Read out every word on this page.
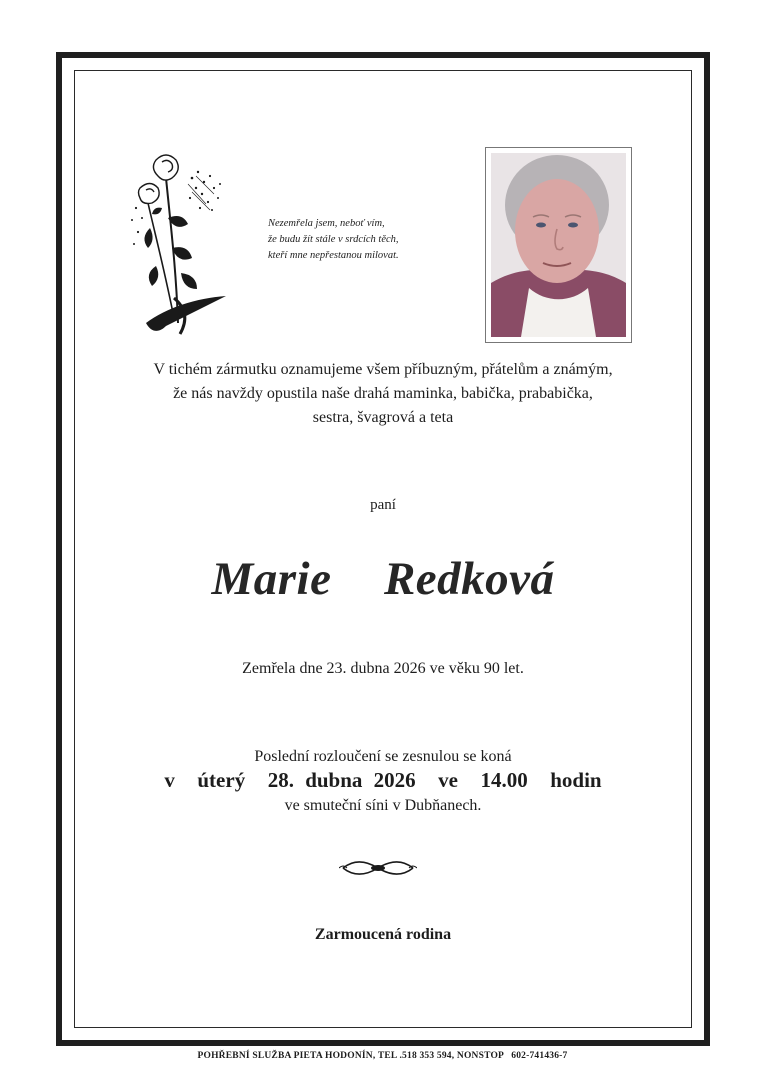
Nezemřela jsem, neboť vím,
že budu žít stále v srdcích těch,
kteří mne nepřestanou milovat.
V tichém zármutku oznamujeme všem příbuzným, přátelům a známým,
že nás navždy opustila naše drahá maminka, babička, prababička,
sestra, švagrová a teta
paní
Marie  Redková
Zemřela dne 23. dubna 2026 ve věku 90 let.
Poslední rozloučení se zesnulou se koná
v  úterý  28. dubna 2026  ve  14.00  hodin
ve smuteční síni v Dubňanech.
Zarmoucená rodina
POHŘEBNÍ SLUŽBA PIETA HODONÍN, TEL .518 353 594, NONSTOP   602-741436-7
